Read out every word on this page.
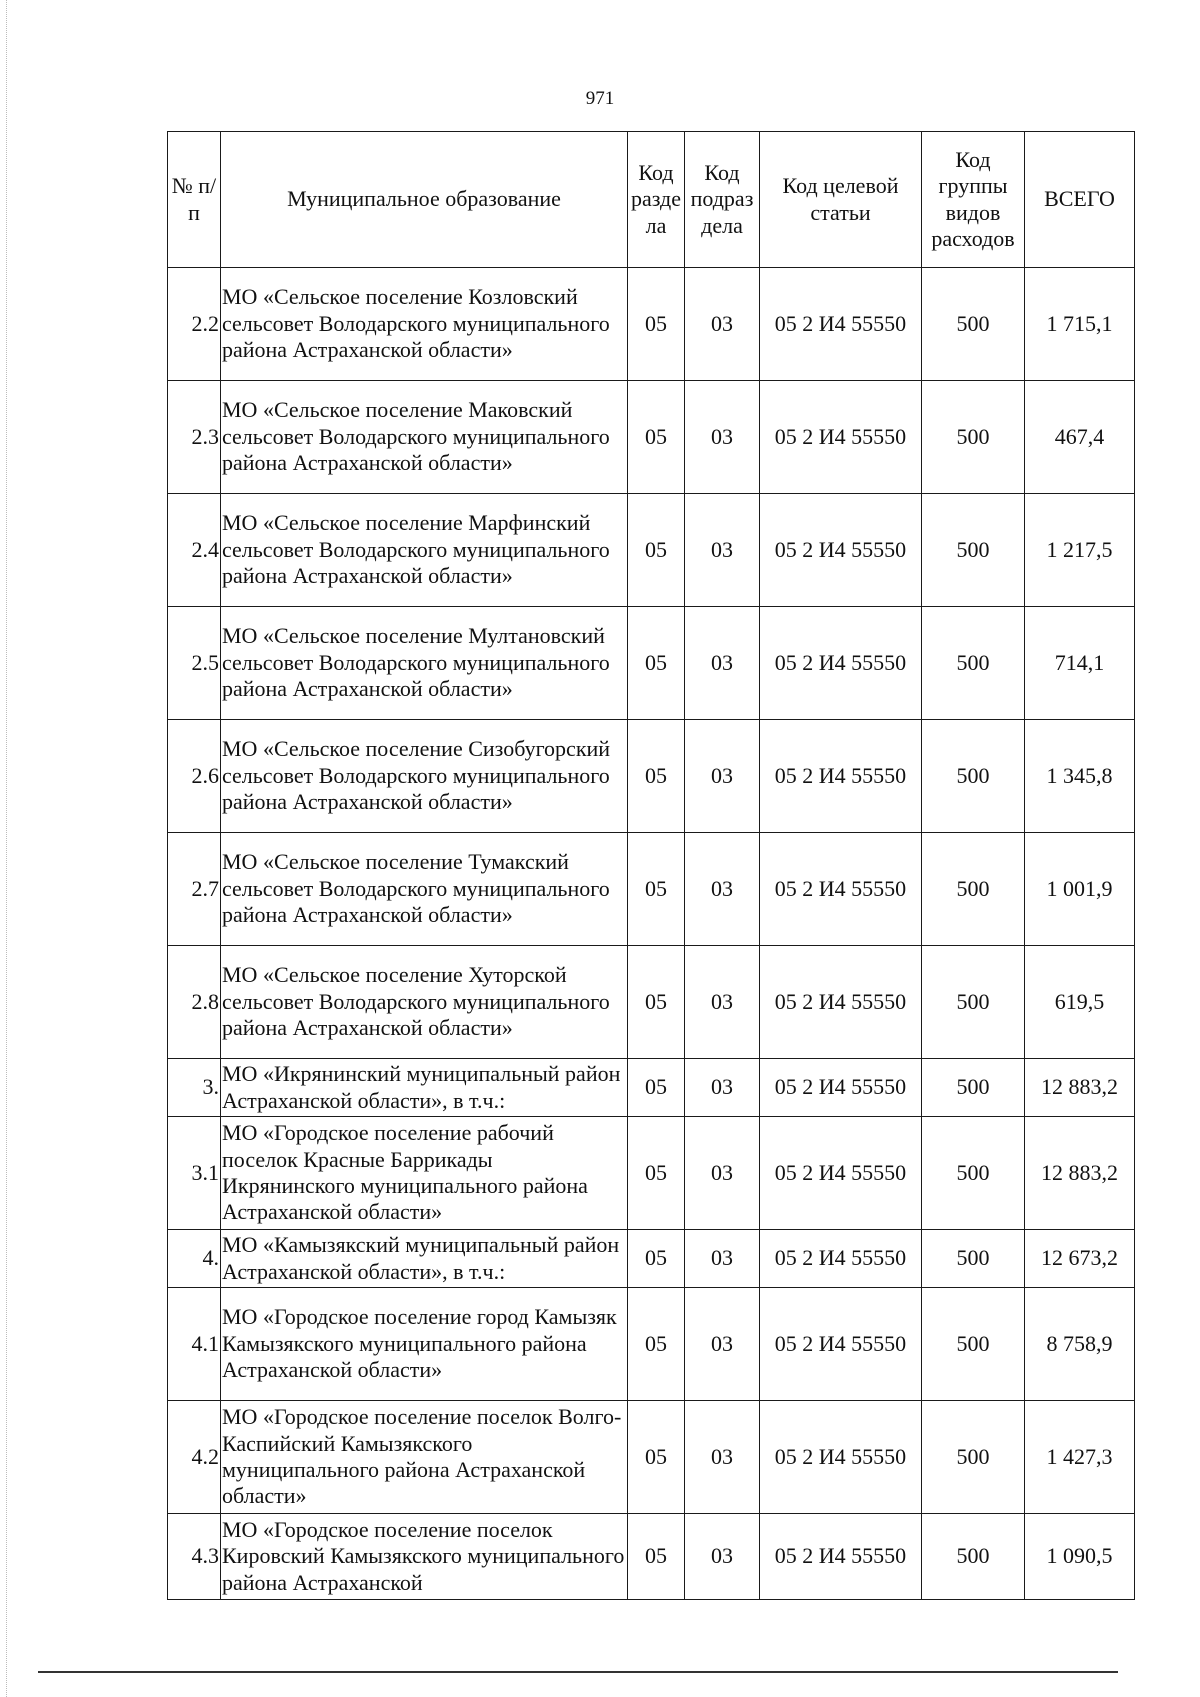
971
№ п/п	Муниципальное образование	Код разде ла	Код подраз дела	Код целевой статьи	Код группы видов расходов	ВСЕГО
2.2	МО «Сельское поселение Козловский сельсовет Володарского муниципального района Астраханской области»	05	03	05 2 И4 55550	500	1 715,1
2.3	МО «Сельское поселение Маковский сельсовет Володарского муниципального района Астраханской области»	05	03	05 2 И4 55550	500	467,4
2.4	МО «Сельское поселение Марфинский сельсовет Володарского муниципального района Астраханской области»	05	03	05 2 И4 55550	500	1 217,5
2.5	МО «Сельское поселение Мултановский сельсовет Володарского муниципального района Астраханской области»	05	03	05 2 И4 55550	500	714,1
2.6	МО «Сельское поселение Сизобугорский сельсовет Володарского муниципального района Астраханской области»	05	03	05 2 И4 55550	500	1 345,8
2.7	МО «Сельское поселение Тумакский сельсовет Володарского муниципального района Астраханской области»	05	03	05 2 И4 55550	500	1 001,9
2.8	МО «Сельское поселение Хуторской сельсовет Володарского муниципального района Астраханской области»	05	03	05 2 И4 55550	500	619,5
3.	МО «Икрянинский муниципальный район Астраханской области», в т.ч.:	05	03	05 2 И4 55550	500	12 883,2
3.1	МО «Городское поселение рабочий поселок Красные Баррикады Икрянинского муниципального района Астраханской области»	05	03	05 2 И4 55550	500	12 883,2
4.	МО «Камызякский муниципальный район Астраханской области», в т.ч.:	05	03	05 2 И4 55550	500	12 673,2
4.1	МО «Городское поселение город Камызяк Камызякского муниципального района Астраханской области»	05	03	05 2 И4 55550	500	8 758,9
4.2	МО «Городское поселение поселок Волго-Каспийский Камызякского муниципального района Астраханской области»	05	03	05 2 И4 55550	500	1 427,3
4.3	МО «Городское поселение поселок Кировский Камызякского муниципального района Астраханской	05	03	05 2 И4 55550	500	1 090,5
